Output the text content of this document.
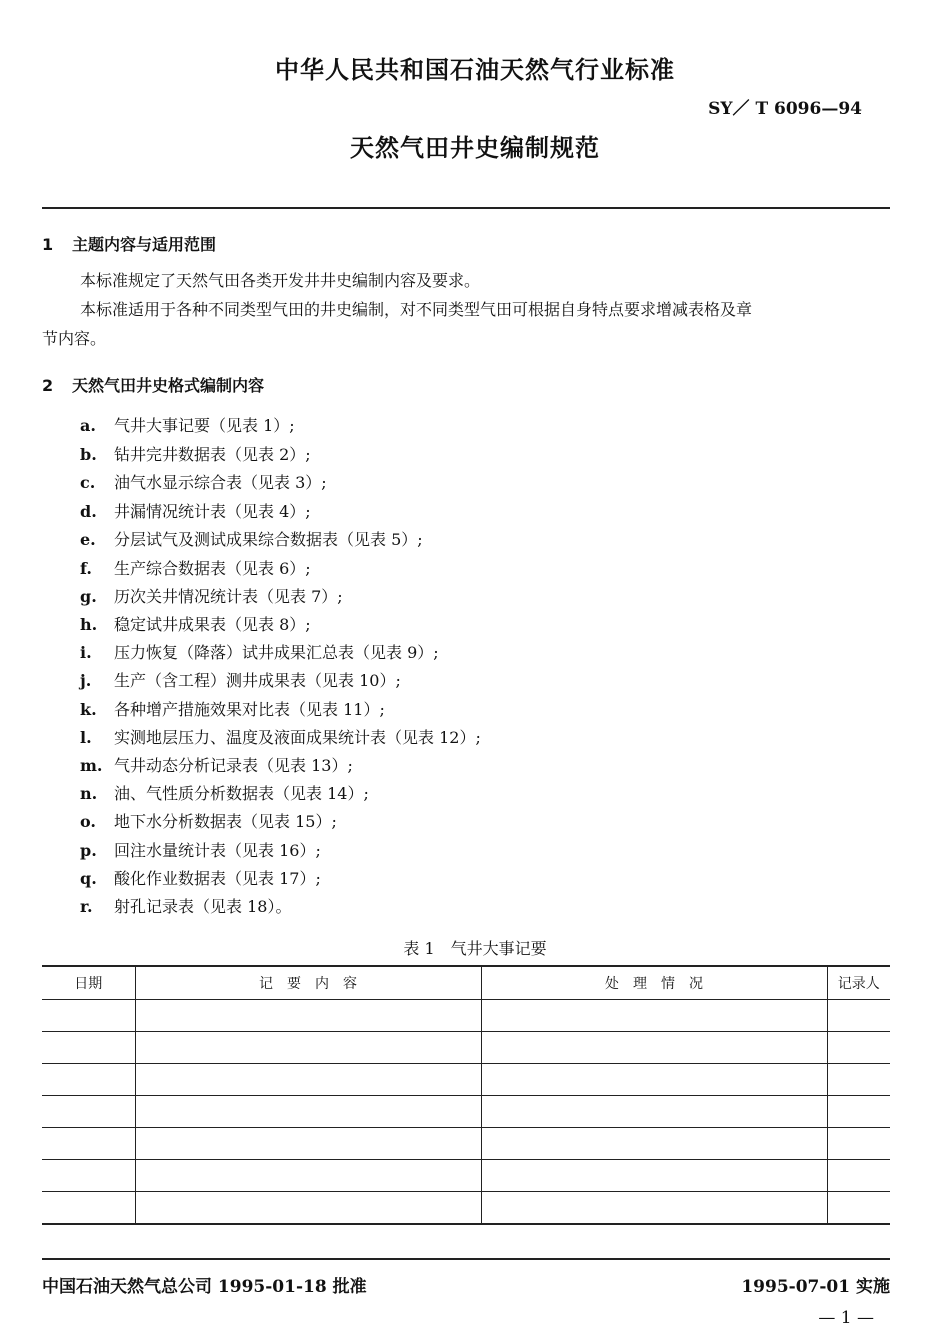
中华人民共和国石油天然气行业标准
SY／ T 6096—94
天然气田井史编制规范
1 主题内容与适用范围
本标准规定了天然气田各类开发井井史编制内容及要求。
本标准适用于各种不同类型气田的井史编制，对不同类型气田可根据自身特点要求增减表格及章
节内容。
2 天然气田井史格式编制内容
a. 气井大事记要（见表 1）;
b. 钻井完井数据表（见表 2）;
c. 油气水显示综合表（见表 3）;
d. 井漏情况统计表（见表 4）;
e. 分层试气及测试成果综合数据表（见表 5）;
f. 生产综合数据表（见表 6）;
g. 历次关井情况统计表（见表 7）;
h. 稳定试井成果表（见表 8）;
i. 压力恢复（降落）试井成果汇总表（见表 9）;
j. 生产（含工程）测井成果表（见表 10）;
k. 各种增产措施效果对比表（见表 11）;
l. 实测地层压力、温度及液面成果统计表（见表 12）;
m. 气井动态分析记录表（见表 13）;
n. 油、气性质分析数据表（见表 14）;
o. 地下水分析数据表（见表 15）;
p. 回注水量统计表（见表 16）;
q. 酸化作业数据表（见表 17）;
r. 射孔记录表（见表 18）。
表 1　气井大事记要
日期	记　要　内　容	处　理　情　况	记录人

中国石油天然气总公司 1995-01-18 批准	1995-07-01 实施
— 1 —
